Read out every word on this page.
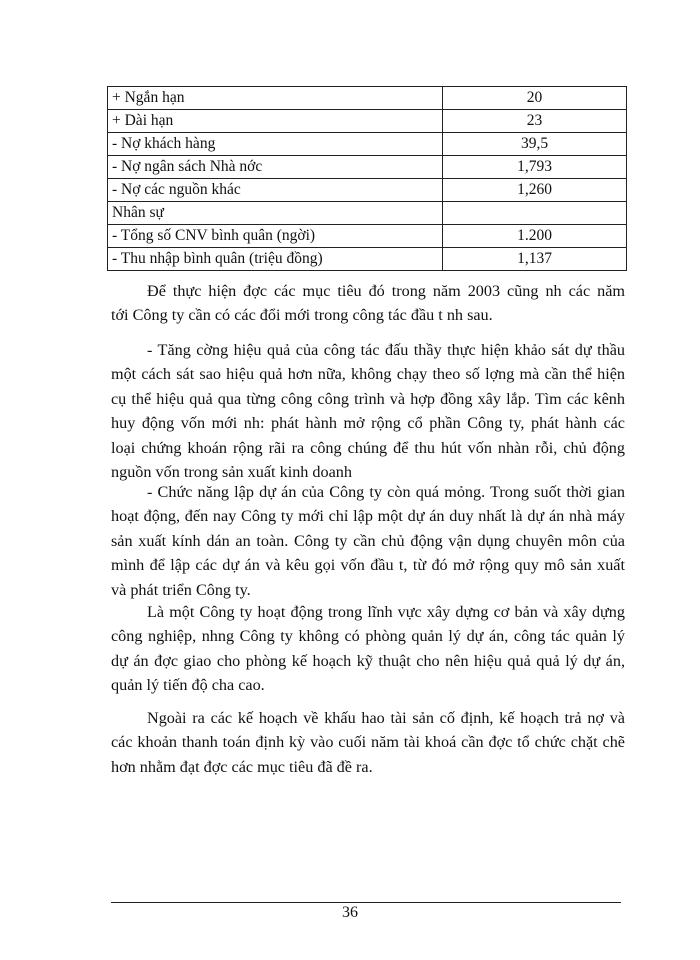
+ Ngắn hạn	20
+ Dài hạn	23
- Nợ khách hàng	39,5
- Nợ ngân sách Nhà nớc	1,793
- Nợ các nguồn khác	1,260
Nhân sự	
- Tổng số CNV bình quân (ngời)	1.200
- Thu nhập bình quân (triệu đồng)	1,137
Để thực hiện đợc các mục tiêu đó trong năm 2003 cũng nh các năm
tới Công ty cần có các đổi mới trong công tác đầu t nh sau.
- Tăng cờng hiệu quả của công tác đấu thầy thực hiện khảo sát dự thầu
một cách sát sao hiệu quả hơn nữa, không chạy theo số lợng mà cần thể hiện
cụ thể hiệu quả qua từng công công trình và hợp đồng xây lắp. Tìm các kênh
huy động vốn mới nh: phát hành mở rộng cổ phần Công ty, phát hành các
loại chứng khoán rộng rãi ra công chúng để thu hút vốn nhàn rỗi, chủ động
nguồn vốn trong sản xuất kinh doanh
- Chức năng lập dự án của Công ty còn quá mỏng. Trong suốt thời gian
hoạt động, đến nay Công ty mới chỉ lập một dự án duy nhất là dự án nhà máy
sản xuất kính dán an toàn. Công ty cần chủ động vận dụng chuyên môn của
mình để lập các dự án và kêu gọi vốn đầu t, từ đó mở rộng quy mô sản xuất
và phát triển Công ty.
Là một Công ty hoạt động trong lĩnh vực xây dựng cơ bản và xây dựng
công nghiệp, nhng Công ty không có phòng quản lý dự án, công tác quản lý
dự án đợc giao cho phòng kế hoạch kỹ thuật cho nên hiệu quả quả lý dự án,
quản lý tiến độ cha cao.
Ngoài ra các kế hoạch về khấu hao tài sản cố định, kế hoạch trả nợ và
các khoản thanh toán định kỳ vào cuối năm tài khoá cần đợc tổ chức chặt chẽ
hơn nhằm đạt đợc các mục tiêu đã đề ra.
36
